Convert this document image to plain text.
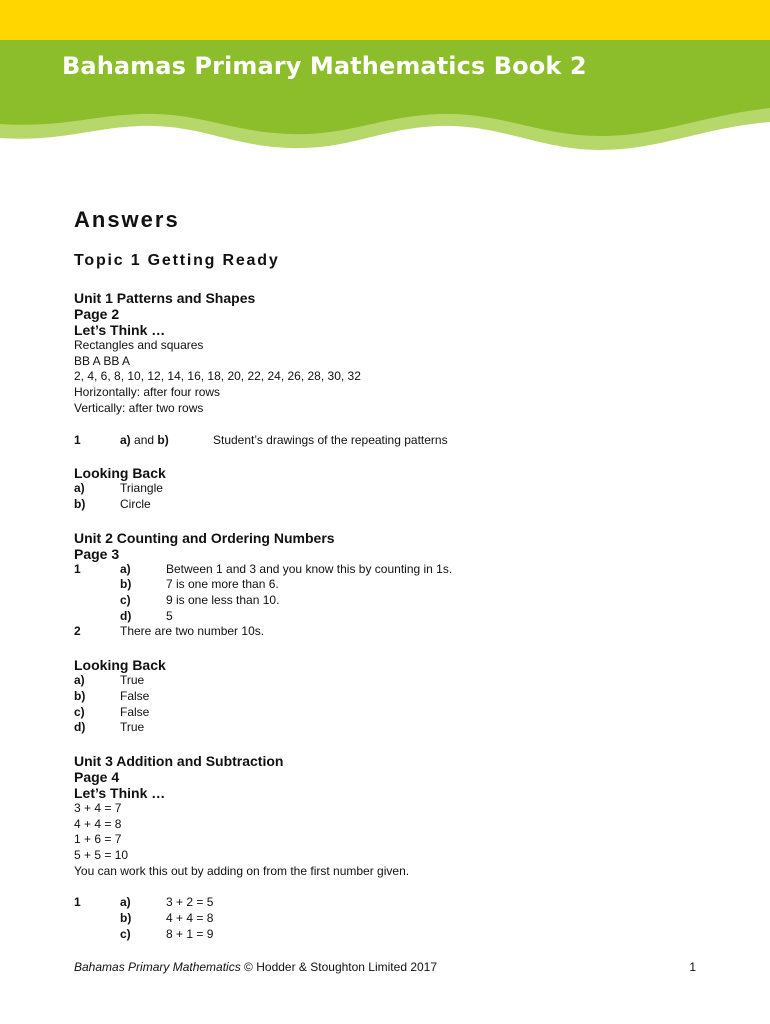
Bahamas Primary Mathematics Book 2
Answers
Topic 1 Getting Ready
Unit 1 Patterns and Shapes
Page 2
Let’s Think …
Rectangles and squares
BB A BB A
2, 4, 6, 8, 10, 12, 14, 16, 18, 20, 22, 24, 26, 28, 30, 32
Horizontally: after four rows
Vertically: after two rows
1	a) and b)	Student’s drawings of the repeating patterns
Looking Back
a)	Triangle
b)	Circle
Unit 2 Counting and Ordering Numbers
Page 3
1	a)	Between 1 and 3 and you know this by counting in 1s.
b)	7 is one more than 6.
c)	9 is one less than 10.
d)	5
2	There are two number 10s.
Looking Back
a)	True
b)	False
c)	False
d)	True
Unit 3 Addition and Subtraction
Page 4
Let’s Think …
3 + 4 = 7
4 + 4 = 8
1 + 6 = 7
5 + 5 = 10
You can work this out by adding on from the first number given.
1	a)	3 + 2 = 5
b)	4 + 4 = 8
c)	8 + 1 = 9
Bahamas Primary Mathematics © Hodder & Stoughton Limited 2017	1
